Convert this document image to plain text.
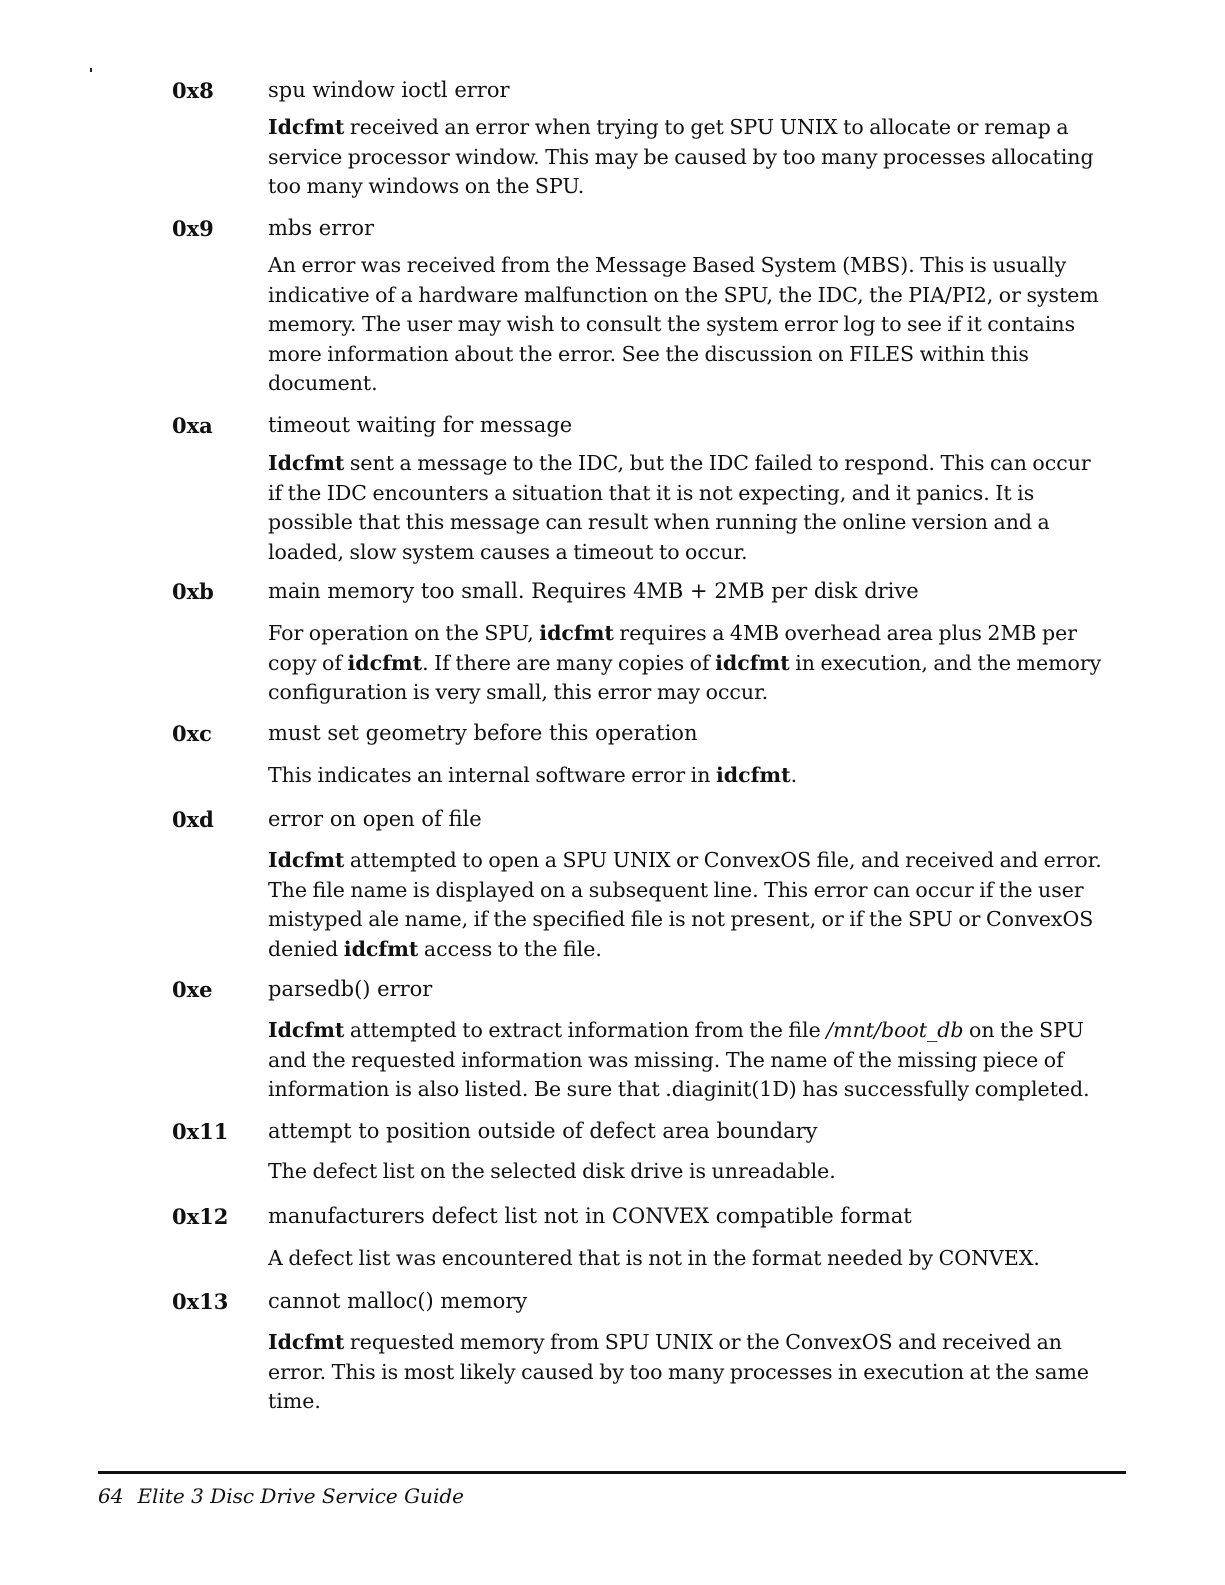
0x8	spu window ioctl error
Idcfmt received an error when trying to get SPU UNIX to allocate or remap a service processor window. This may be caused by too many processes allocating too many windows on the SPU.
0x9	mbs error
An error was received from the Message Based System (MBS). This is usually indicative of a hardware malfunction on the SPU, the IDC, the PIA/PI2, or system memory. The user may wish to consult the system error log to see if it contains more information about the error. See the discussion on FILES within this document.
0xa	timeout waiting for message
Idcfmt sent a message to the IDC, but the IDC failed to respond. This can occur if the IDC encounters a situation that it is not expecting, and it panics. It is possible that this message can result when running the online version and a loaded, slow system causes a timeout to occur.
0xb	main memory too small. Requires 4MB + 2MB per disk drive
For operation on the SPU, idcfmt requires a 4MB overhead area plus 2MB per copy of idcfmt. If there are many copies of idcfmt in execution, and the memory configuration is very small, this error may occur.
0xc	must set geometry before this operation
This indicates an internal software error in idcfmt.
0xd	error on open of file
Idcfmt attempted to open a SPU UNIX or ConvexOS file, and received and error. The file name is displayed on a subsequent line. This error can occur if the user mistyped ale name, if the specified file is not present, or if the SPU or ConvexOS denied idcfmt access to the file.
0xe	parsedb() error
Idcfmt attempted to extract information from the file /mnt/boot_db on the SPU and the requested information was missing. The name of the missing piece of information is also listed. Be sure that .diaginit(1D) has successfully completed.
0x11 attempt to position outside of defect area boundary
The defect list on the selected disk drive is unreadable.
0x12 manufacturers defect list not in CONVEX compatible format
A defect list was encountered that is not in the format needed by CONVEX.
0x13 cannot malloc() memory
Idcfmt requested memory from SPU UNIX or the ConvexOS and received an error. This is most likely caused by too many processes in execution at the same time.
64 Elite 3 Disc Drive Service Guide
